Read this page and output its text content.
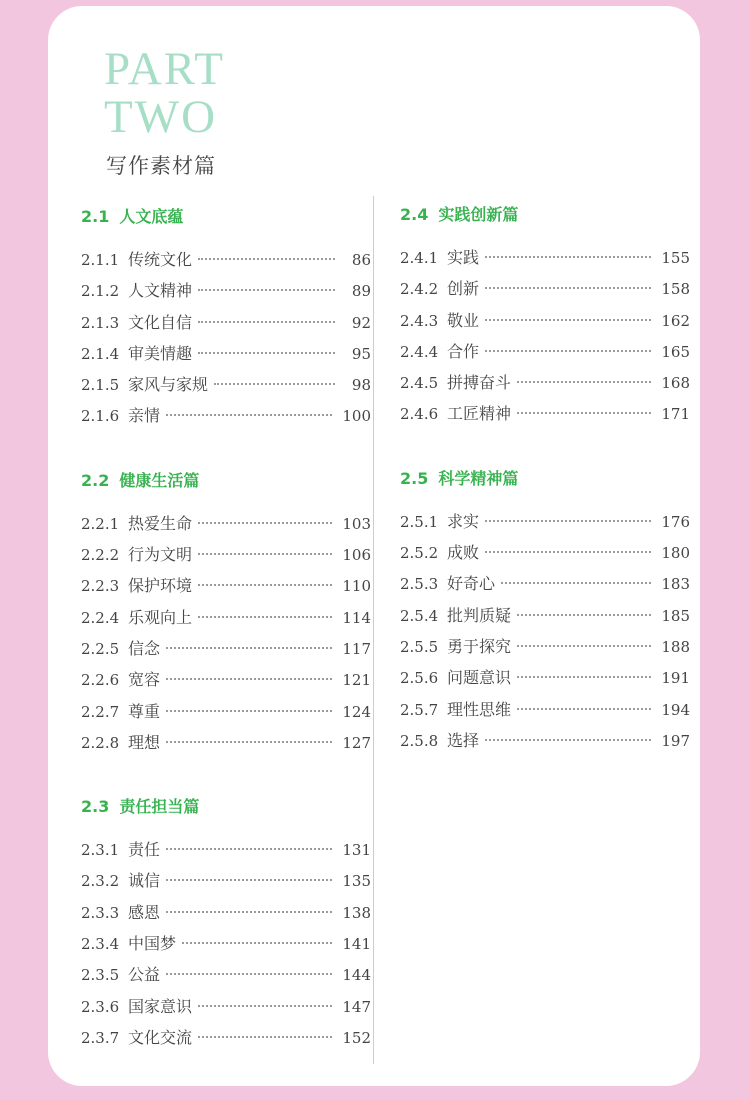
PART
TWO
写作素材篇
2.1 人文底蕴
2.1.1 传统文化	86
2.1.2 人文精神	89
2.1.3 文化自信	92
2.1.4 审美情趣	95
2.1.5 家风与家规	98
2.1.6 亲情	100
2.2 健康生活篇
2.2.1 热爱生命	103
2.2.2 行为文明	106
2.2.3 保护环境	110
2.2.4 乐观向上	114
2.2.5 信念	117
2.2.6 宽容	121
2.2.7 尊重	124
2.2.8 理想	127
2.3 责任担当篇
2.3.1 责任	131
2.3.2 诚信	135
2.3.3 感恩	138
2.3.4 中国梦	141
2.3.5 公益	144
2.3.6 国家意识	147
2.3.7 文化交流	152
2.4 实践创新篇
2.4.1 实践	155
2.4.2 创新	158
2.4.3 敬业	162
2.4.4 合作	165
2.4.5 拼搏奋斗	168
2.4.6 工匠精神	171
2.5 科学精神篇
2.5.1 求实	176
2.5.2 成败	180
2.5.3 好奇心	183
2.5.4 批判质疑	185
2.5.5 勇于探究	188
2.5.6 问题意识	191
2.5.7 理性思维	194
2.5.8 选择	197
